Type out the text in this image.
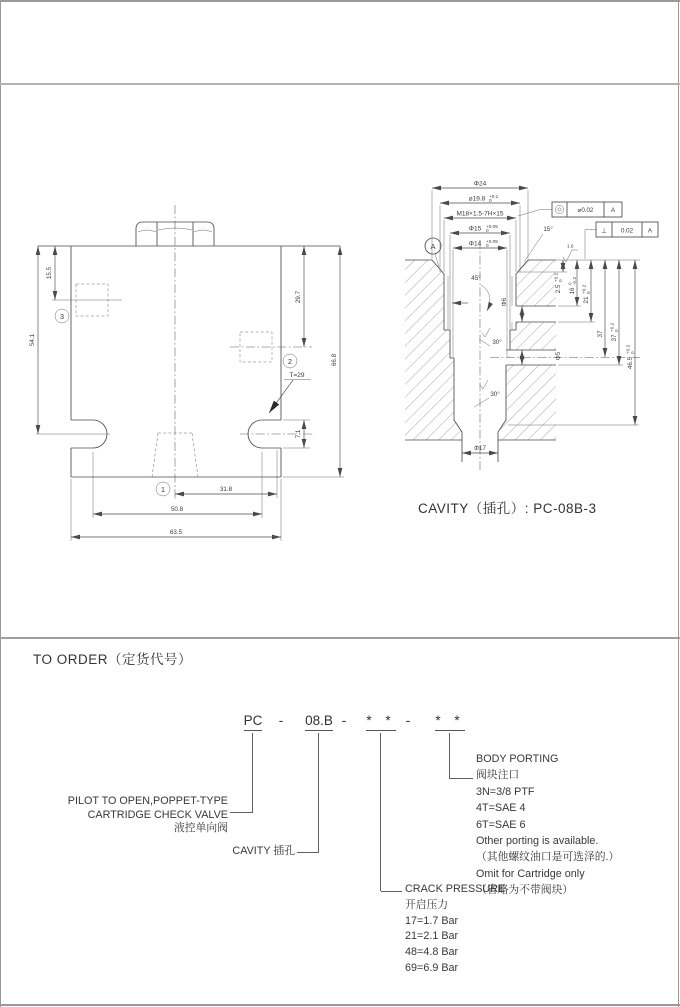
3
2
1
15.5
54.1
29.7
7.1
66.8
T=29
31.8
50.8
63.5
A
Φ24
⌀19.8 +0.1
0
M18×1.5-7H×15
Φ15 +0.05
0
Φ14 +0.05
0
15°
⌀0.02	A
⊥ 0.02 A
1.6
45°
30°
30°
2.5
+0.1 0
16
0 -0.2
21
+0.2 0
37
37
+0.2 0
46.5
+0.3 0
Φ6
Φ5
Φ17
CAVITY（插孔）: PC-08B-3
TO ORDER（定货代号）
PC	-	08.B -	* * -	* *
PILOT TO OPEN,POPPET-TYPE
CARTRIDGE CHECK VALVE
液控单向阀
CAVITY 插孔
BODY PORTING
阀块注口
3N=3/8 PTF
4T=SAE 4
6T=SAE 6
Other porting is available.
（其他螺纹油口是可选泽的.）
Omit for Cartridge only
（省略为不带阀块）
CRACK PRESSURE
开启压力
17=1.7 Bar
21=2.1 Bar
48=4.8 Bar
69=6.9 Bar
